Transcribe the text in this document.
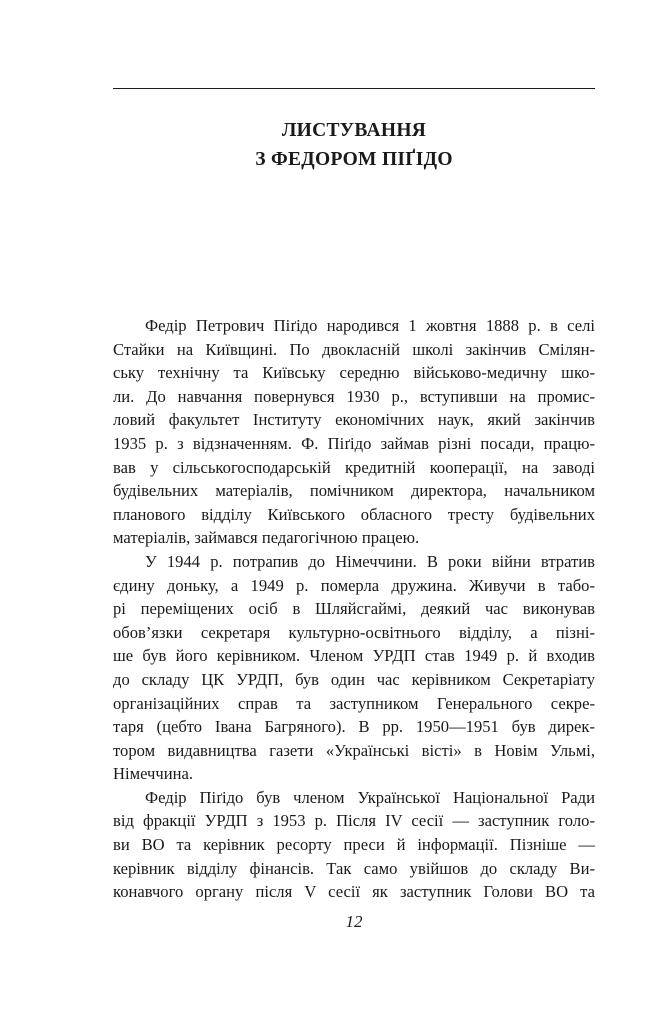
ЛИСТУВАННЯ
З ФЕДОРОМ ПІҐІДО

Федір Петрович Піґідо народився 1 жовтня 1888 р. в селі
Стайки на Київщині. По двокласній школі закінчив Смілян-
ську технічну та Київську середню військово-медичну шко-
ли. До навчання повернувся 1930 р., вступивши на промис-
ловий факультет Інституту економічних наук, який закінчив
1935 р. з відзначенням. Ф. Піґідо займав різні посади, працю-
вав у сільськогосподарській кредитній кооперації, на заводі
будівельних матеріалів, помічником директора, начальником
планового відділу Київського обласного тресту будівельних
матеріалів, займався педагогічною працею.

У 1944 р. потрапив до Німеччини. В роки війни втратив
єдину доньку, а 1949 р. померла дружина. Живучи в табо-
рі переміщених осіб в Шляйсгаймі, деякий час виконував
обов’язки секретаря культурно-освітнього відділу, а пізні-
ше був його керівником. Членом УРДП став 1949 р. й входив
до складу ЦК УРДП, був один час керівником Секретаріату
організаційних справ та заступником Генерального секре-
таря (цебто Івана Багряного). В рр. 1950—1951 був дирек-
тором видавництва газети «Українські вісті» в Новім Ульмі,
Німеччина.

Федір Піґідо був членом Української Національної Ради
від фракції УРДП з 1953 р. Після IV сесії — заступник голо-
ви ВО та керівник ресорту преси й інформації. Пізніше —
керівник відділу фінансів. Так само увійшов до складу Ви-
конавчого органу після V сесії як заступник Голови ВО та

12
